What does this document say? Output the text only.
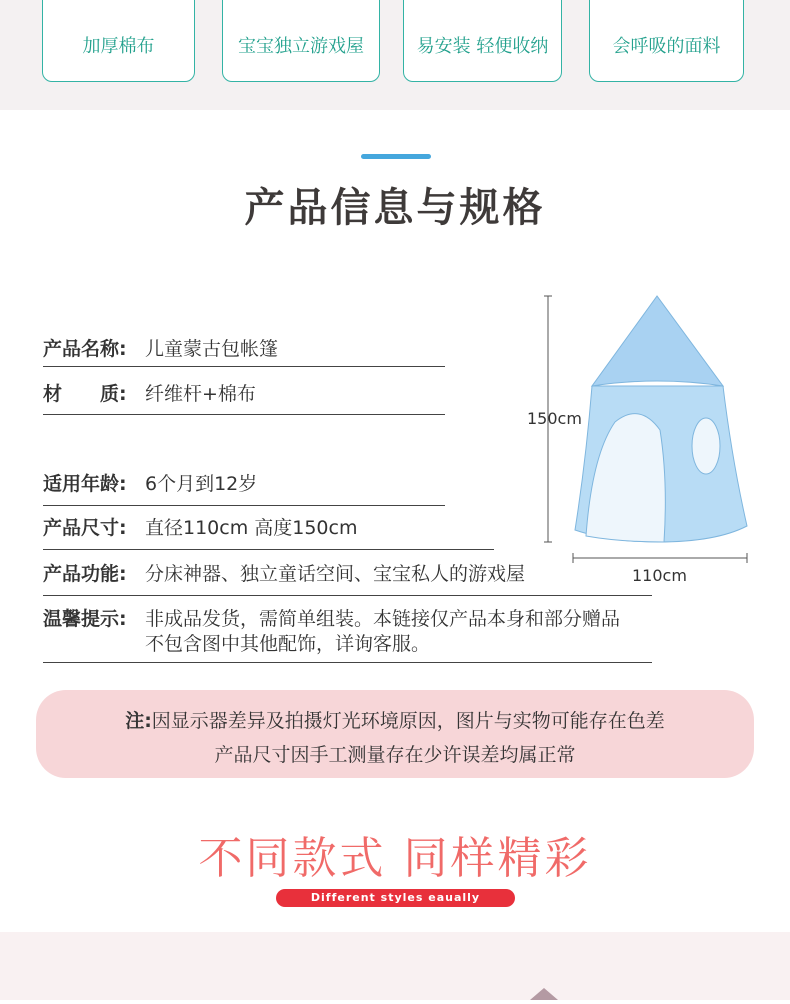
加厚棉布	宝宝独立游戏屋	易安装 轻便收纳	会呼吸的面料
产品信息与规格
产品名称: 儿童蒙古包帐篷
材　　质: 纤维杆+棉布
适用年龄: 6个月到12岁
产品尺寸: 直径110cm 高度150cm
产品功能: 分床神器、独立童话空间、宝宝私人的游戏屋
温馨提示: 非成品发货，需简单组装。本链接仅产品本身和部分赠品
不包含图中其他配饰，详询客服。
150cm
110cm
注:因显示器差异及拍摄灯光环境原因，图片与实物可能存在色差
产品尺寸因手工测量存在少许误差均属正常
不同款式 同样精彩
Different styles eaually wonderful
